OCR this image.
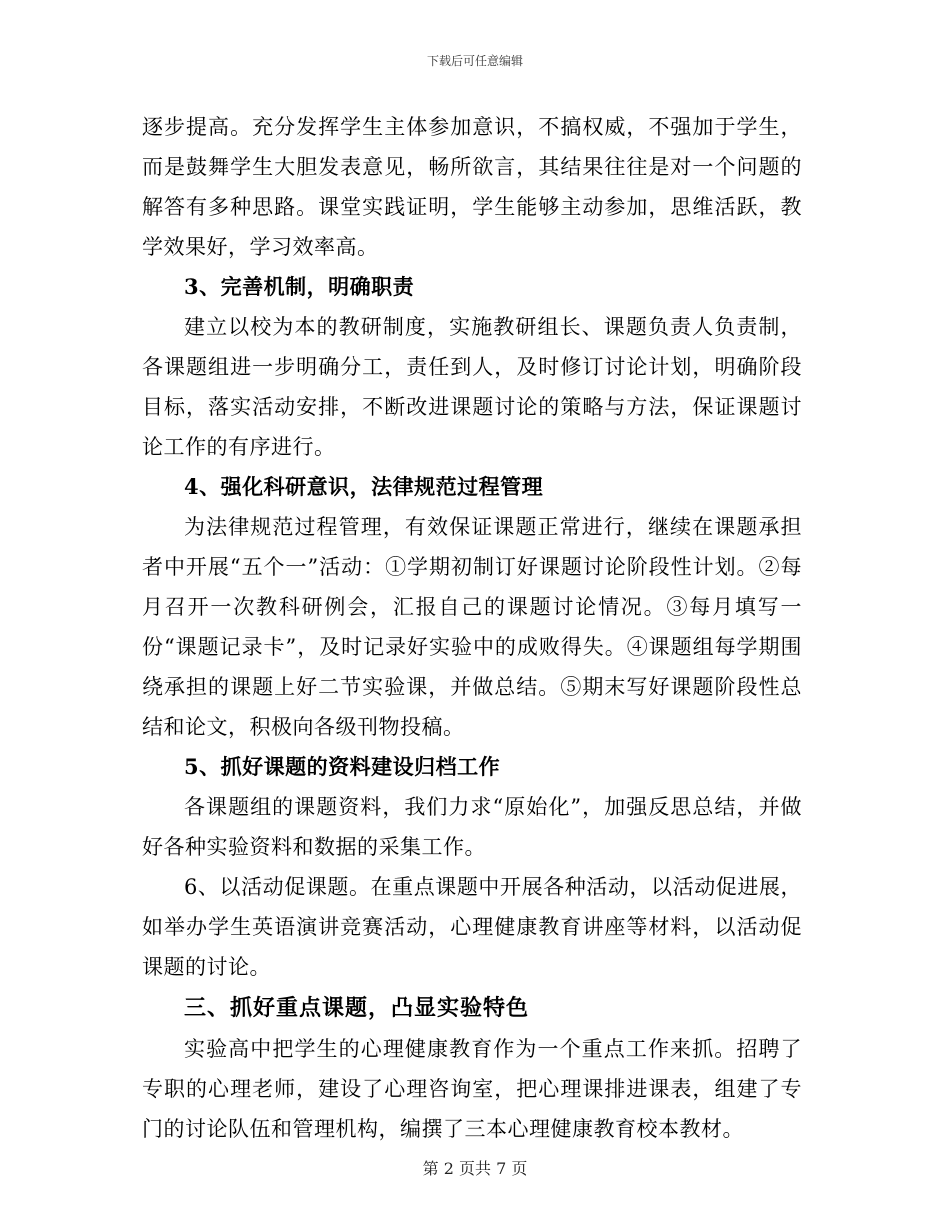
下载后可任意编辑

逐步提高。充分发挥学生主体参加意识，不搞权威，不强加于学生，而是鼓舞学生大胆发表意见，畅所欲言，其结果往往是对一个问题的解答有多种思路。课堂实践证明，学生能够主动参加，思维活跃，教学效果好，学习效率高。

3、完善机制，明确职责

建立以校为本的教研制度，实施教研组长、课题负责人负责制，各课题组进一步明确分工，责任到人，及时修订讨论计划，明确阶段目标，落实活动安排，不断改进课题讨论的策略与方法，保证课题讨论工作的有序进行。

4、强化科研意识，法律规范过程管理

为法律规范过程管理，有效保证课题正常进行，继续在课题承担者中开展“五个一”活动：①学期初制订好课题讨论阶段性计划。②每月召开一次教科研例会，汇报自己的课题讨论情况。③每月填写一份“课题记录卡”，及时记录好实验中的成败得失。④课题组每学期围绕承担的课题上好二节实验课，并做总结。⑤期末写好课题阶段性总结和论文，积极向各级刊物投稿。

5、抓好课题的资料建设归档工作

各课题组的课题资料，我们力求“原始化”，加强反思总结，并做好各种实验资料和数据的采集工作。

6、以活动促课题。在重点课题中开展各种活动，以活动促进展，如举办学生英语演讲竞赛活动，心理健康教育讲座等材料，以活动促课题的讨论。

三、抓好重点课题，凸显实验特色

实验高中把学生的心理健康教育作为一个重点工作来抓。招聘了专职的心理老师，建设了心理咨询室，把心理课排进课表，组建了专门的讨论队伍和管理机构，编撰了三本心理健康教育校本教材。

第 2 页共 7 页
